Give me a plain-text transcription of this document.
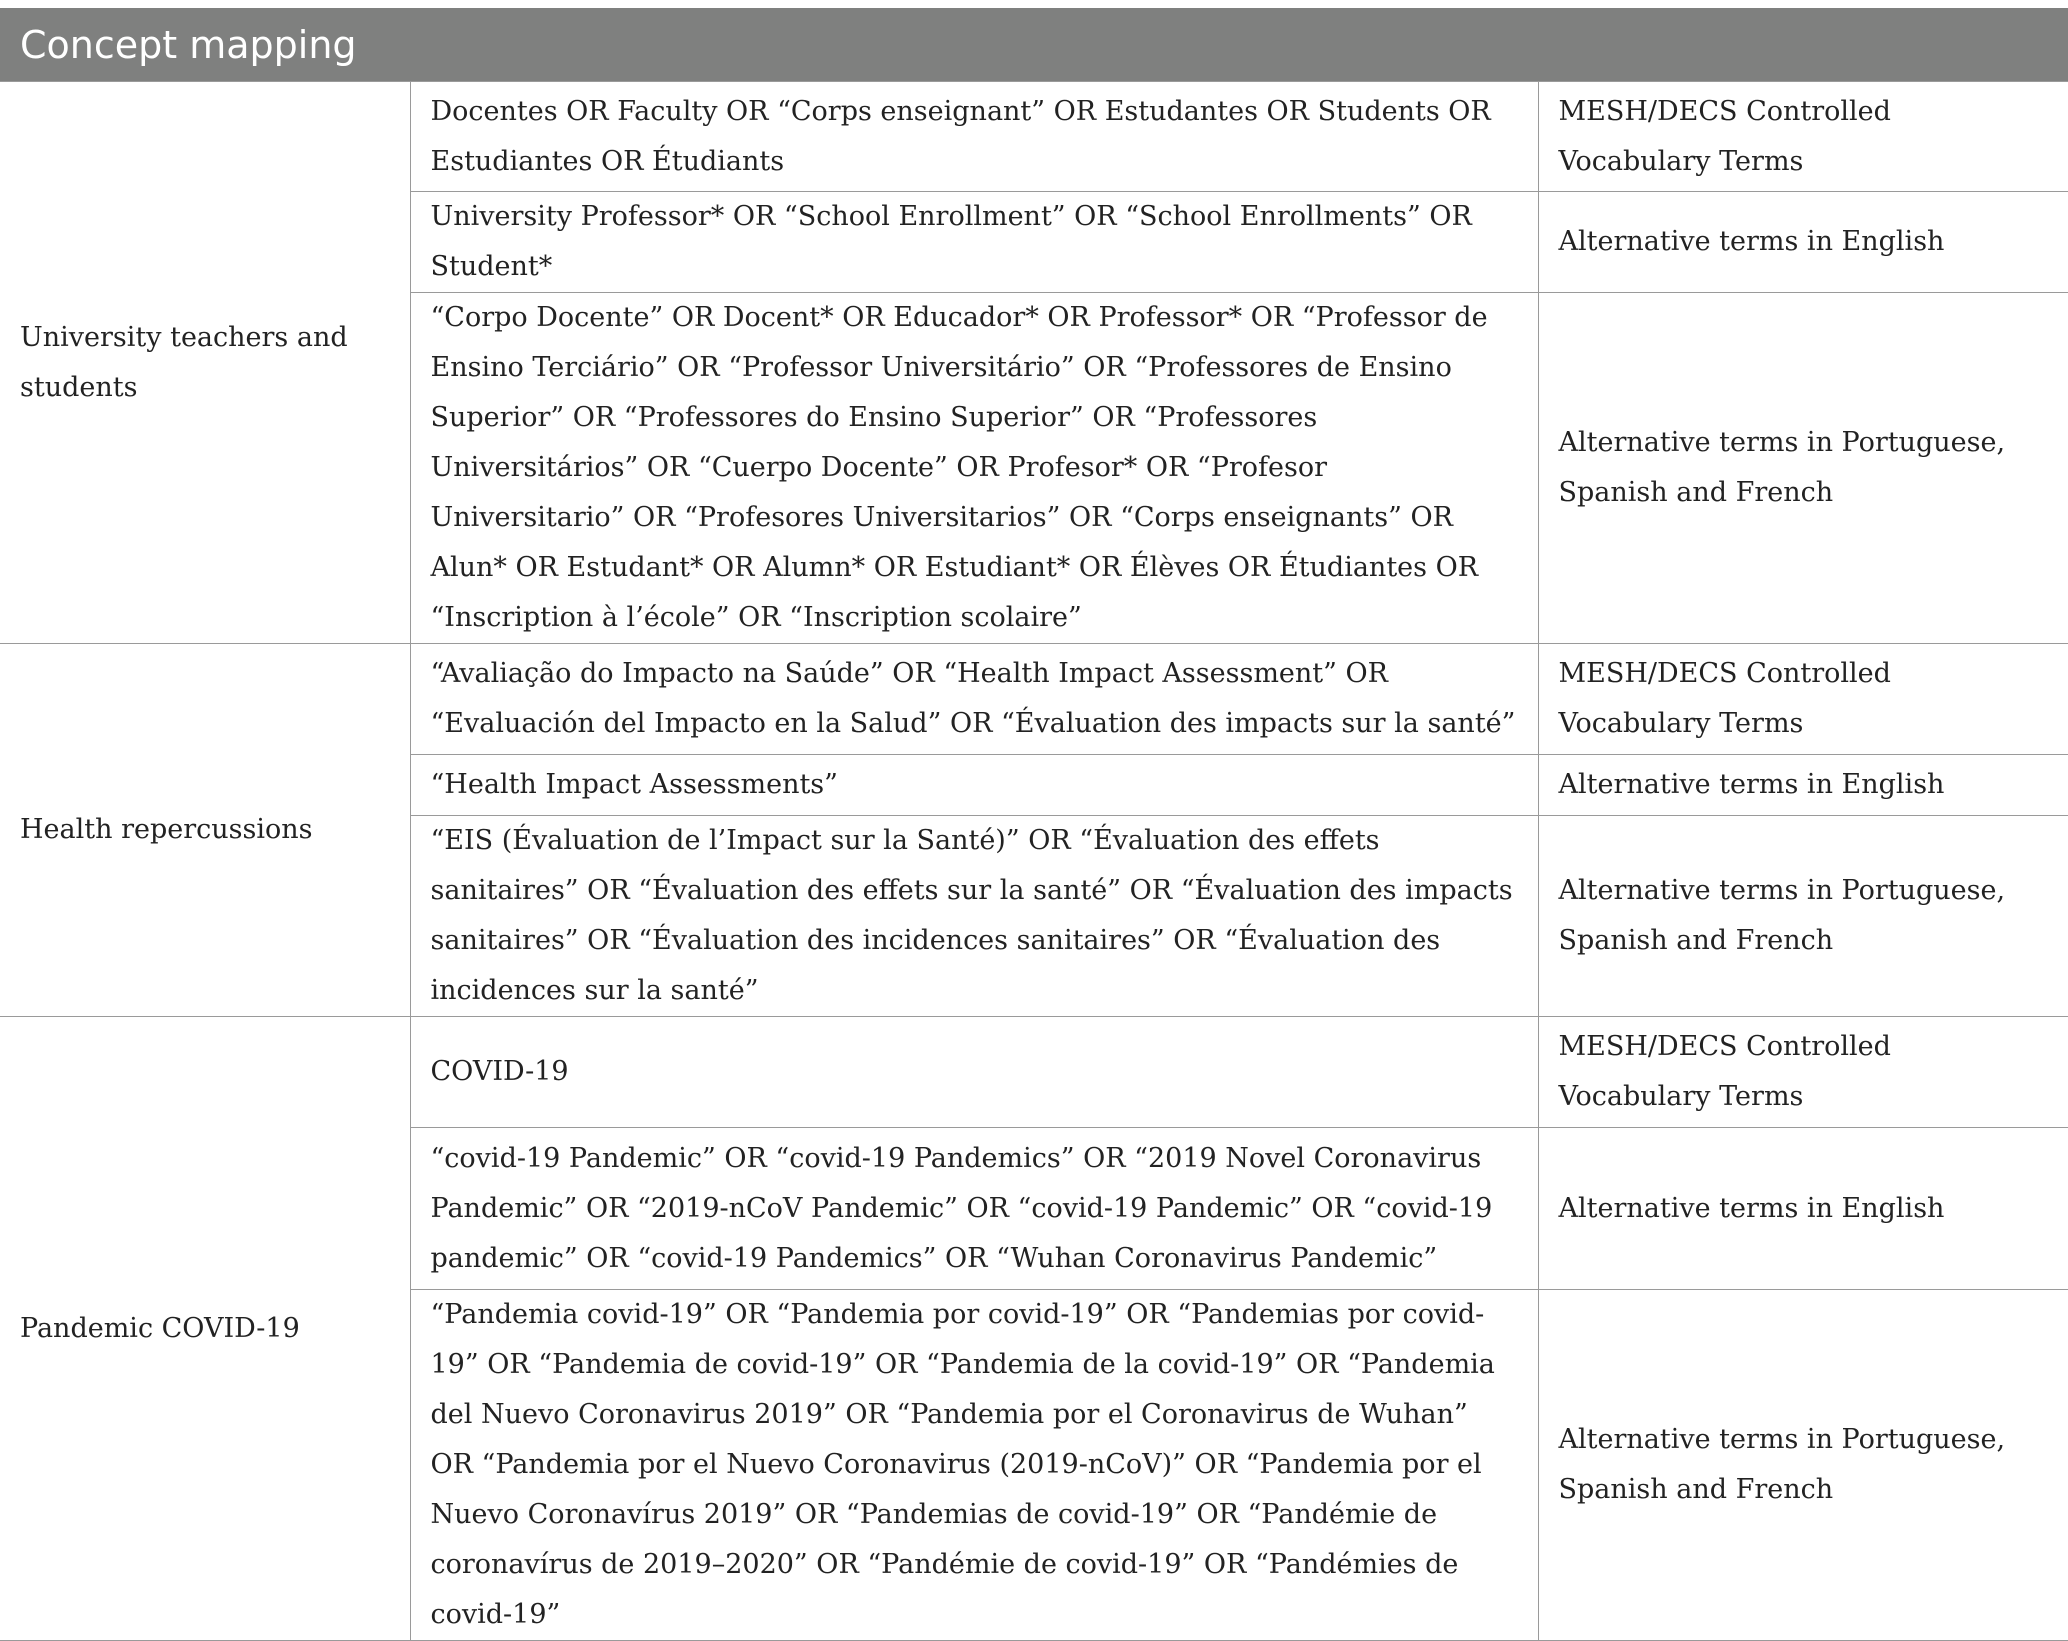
Concept mapping
University teachers and students	Docentes OR Faculty OR “Corps enseignant” OR Estudantes OR Students OR Estudiantes OR Étudiants	MESH/DECS Controlled Vocabulary Terms
	University Professor* OR “School Enrollment” OR “School Enrollments” OR Student*	Alternative terms in English
	“Corpo Docente” OR Docent* OR Educador* OR Professor* OR “Professor de Ensino Terciário” OR “Professor Universitário” OR “Professores de Ensino Superior” OR “Professores do Ensino Superior” OR “Professores Universitários” OR “Cuerpo Docente” OR Profesor* OR “Profesor Universitario” OR “Profesores Universitarios” OR “Corps enseignants” OR Alun* OR Estudant* OR Alumn* OR Estudiant* OR Élèves OR Étudiantes OR “Inscription à l’école” OR “Inscription scolaire”	Alternative terms in Portuguese, Spanish and French
Health repercussions	“Avaliação do Impacto na Saúde” OR “Health Impact Assessment” OR “Evaluación del Impacto en la Salud” OR “Évaluation des impacts sur la santé”	MESH/DECS Controlled Vocabulary Terms
	“Health Impact Assessments”	Alternative terms in English
	“EIS (Évaluation de l’Impact sur la Santé)” OR “Évaluation des effets sanitaires” OR “Évaluation des effets sur la santé” OR “Évaluation des impacts sanitaires” OR “Évaluation des incidences sanitaires” OR “Évaluation des incidences sur la santé”	Alternative terms in Portuguese, Spanish and French
Pandemic COVID-19	COVID-19	MESH/DECS Controlled Vocabulary Terms
	“covid-19 Pandemic” OR “covid-19 Pandemics” OR “2019 Novel Coronavirus Pandemic” OR “2019-nCoV Pandemic” OR “covid-19 Pandemic” OR “covid-19 pandemic” OR “covid-19 Pandemics” OR “Wuhan Coronavirus Pandemic”	Alternative terms in English
	“Pandemia covid-19” OR “Pandemia por covid-19” OR “Pandemias por covid-19” OR “Pandemia de covid-19” OR “Pandemia de la covid-19” OR “Pandemia del Nuevo Coronavirus 2019” OR “Pandemia por el Coronavirus de Wuhan” OR “Pandemia por el Nuevo Coronavirus (2019-nCoV)” OR “Pandemia por el Nuevo Coronavírus 2019” OR “Pandemias de covid-19” OR “Pandémie de coronavírus de 2019–2020” OR “Pandémie de covid-19” OR “Pandémies de covid-19”	Alternative terms in Portuguese, Spanish and French
